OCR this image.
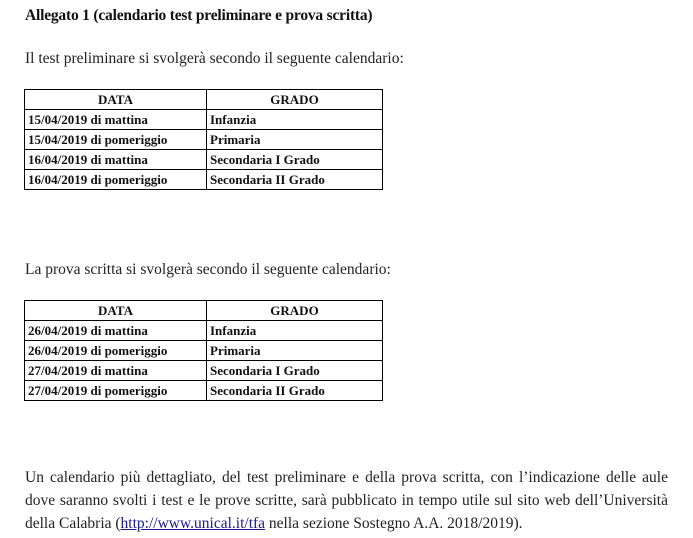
Allegato 1 (calendario test preliminare e prova scritta)
Il test preliminare si svolgerà secondo il seguente calendario:
DATA	GRADO
15/04/2019 di mattina	Infanzia
15/04/2019 di pomeriggio	Primaria
16/04/2019 di mattina	Secondaria I Grado
16/04/2019 di pomeriggio	Secondaria II Grado
La prova scritta si svolgerà secondo il seguente calendario:
DATA	GRADO
26/04/2019 di mattina	Infanzia
26/04/2019 di pomeriggio	Primaria
27/04/2019 di mattina	Secondaria I Grado
27/04/2019 di pomeriggio	Secondaria II Grado
Un calendario più dettagliato, del test preliminare e della prova scritta, con l’indicazione delle aule dove saranno svolti i test e le prove scritte, sarà pubblicato in tempo utile sul sito web dell’Università della Calabria (http://www.unical.it/tfa nella sezione Sostegno A.A. 2018/2019).
